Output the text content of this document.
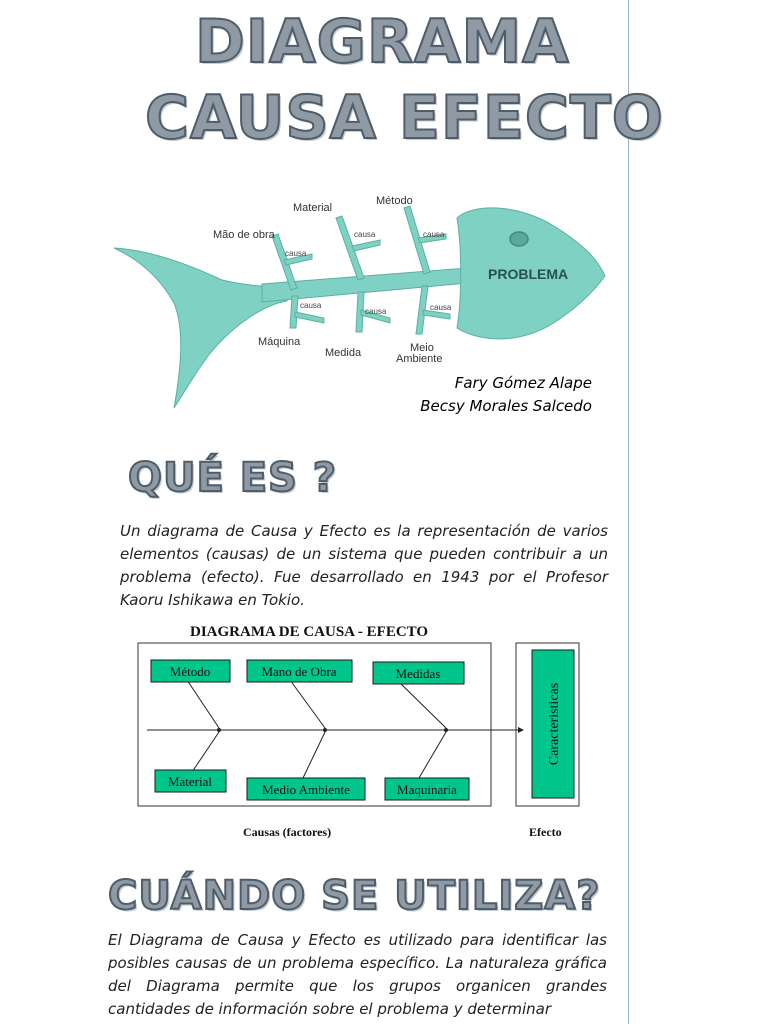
DIAGRAMA
CAUSA EFECTO
PROBLEMA
Mão de obra
Material
Método
Máquina
Medida	Meio
Ambiente
causa
causa	causa
causa
causa	causa
Fary Gómez Alape
Becsy Morales Salcedo
QUÉ ES ?

Un diagrama de Causa y Efecto es la representación de varios elementos (causas) de un sistema que pueden contribuir a un problema (efecto). Fue desarrollado en 1943 por el Profesor Kaoru Ishikawa en Tokio.

DIAGRAMA DE CAUSA - EFECTO
Método	Mano de Obra	Medidas
Material
Medio Ambiente	Maquinaria
Caracteristicas
Causas (factores)	Efecto
CUÁNDO SE UTILIZA?

El Diagrama de Causa y Efecto es utilizado para identificar las posibles causas de un problema específico. La naturaleza gráfica del Diagrama permite que los grupos organicen grandes cantidades de información sobre el problema y determinar
